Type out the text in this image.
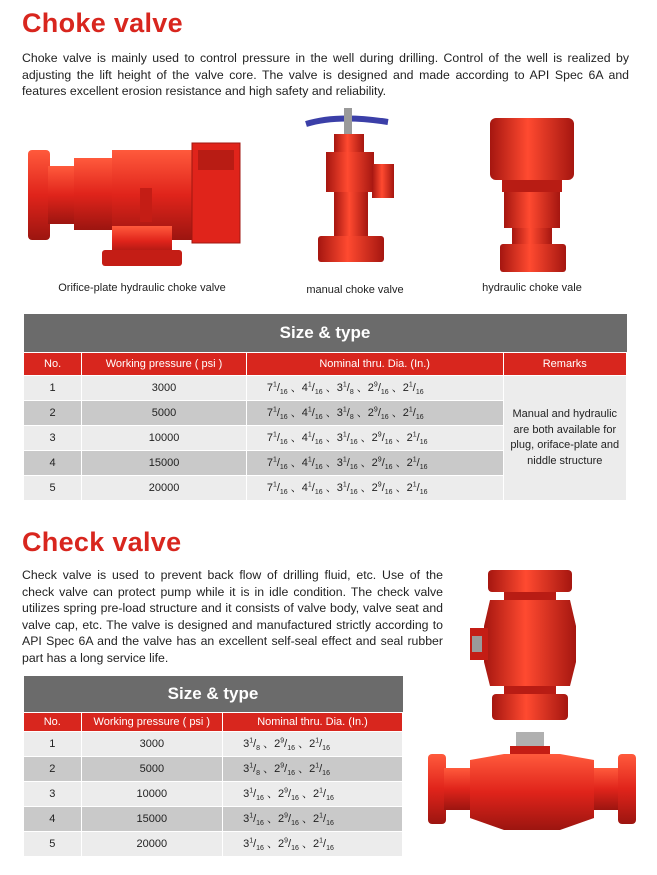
Choke valve
Choke valve is mainly used to control pressure in the well during drilling. Control of the well is realized by adjusting the lift height of the valve core. The valve is designed and made according to API Spec 6A and features excellent erosion resistance and high safety and reliability.
Orifice-plate hydraulic choke valve	manual choke valve	hydraulic choke vale
Size & type			
No.	Working pressure ( psi )	Nominal thru. Dia. (In.)	Remarks
1	3000	$7^1/_{16}$ 、$4^1/_{16}$ 、$3^1/_8$ 、$2^9/_{16}$ 、$2^1/_{16}$	Manual and hydraulic are both available for plug, oriface-plate and niddle structure
2	5000	$7^1/_{16}$ 、$4^1/_{16}$ 、$3^1/_8$ 、$2^9/_{16}$ 、$2^1/_{16}$
3	10000	$7^1/_{16}$ 、$4^1/_{16}$ 、$3^1/_{16}$ 、$2^9/_{16}$ 、$2^1/_{16}$
4	15000	$7^1/_{16}$ 、$4^1/_{16}$ 、$3^1/_{16}$ 、$2^9/_{16}$ 、$2^1/_{16}$
5	20000	$7^1/_{16}$ 、$4^1/_{16}$ 、$3^1/_{16}$ 、$2^9/_{16}$ 、$2^1/_{16}$
Check valve
Check valve is used to prevent back flow of drilling fluid, etc. Use of the check valve can protect pump while it is in idle condition. The check valve utilizes spring pre-load structure and it consists of valve body, valve seat and valve cap, etc. The valve is designed and manufactured strictly according to API Spec 6A and the valve has an excellent self-seal effect and seal rubber part has a long service life.
Size & type		
No.	Working pressure ( psi )	Nominal thru. Dia. (In.)
1	3000	$3^1/_8$ 、$2^9/_{16}$ 、$2^1/_{16}$
2	5000	$3^1/_8$ 、$2^9/_{16}$ 、$2^1/_{16}$
3	10000	$3^1/_{16}$ 、$2^9/_{16}$ 、$2^1/_{16}$
4	15000	$3^1/_{16}$ 、$2^9/_{16}$ 、$2^1/_{16}$
5	20000	$3^1/_{16}$ 、$2^9/_{16}$ 、$2^1/_{16}$
